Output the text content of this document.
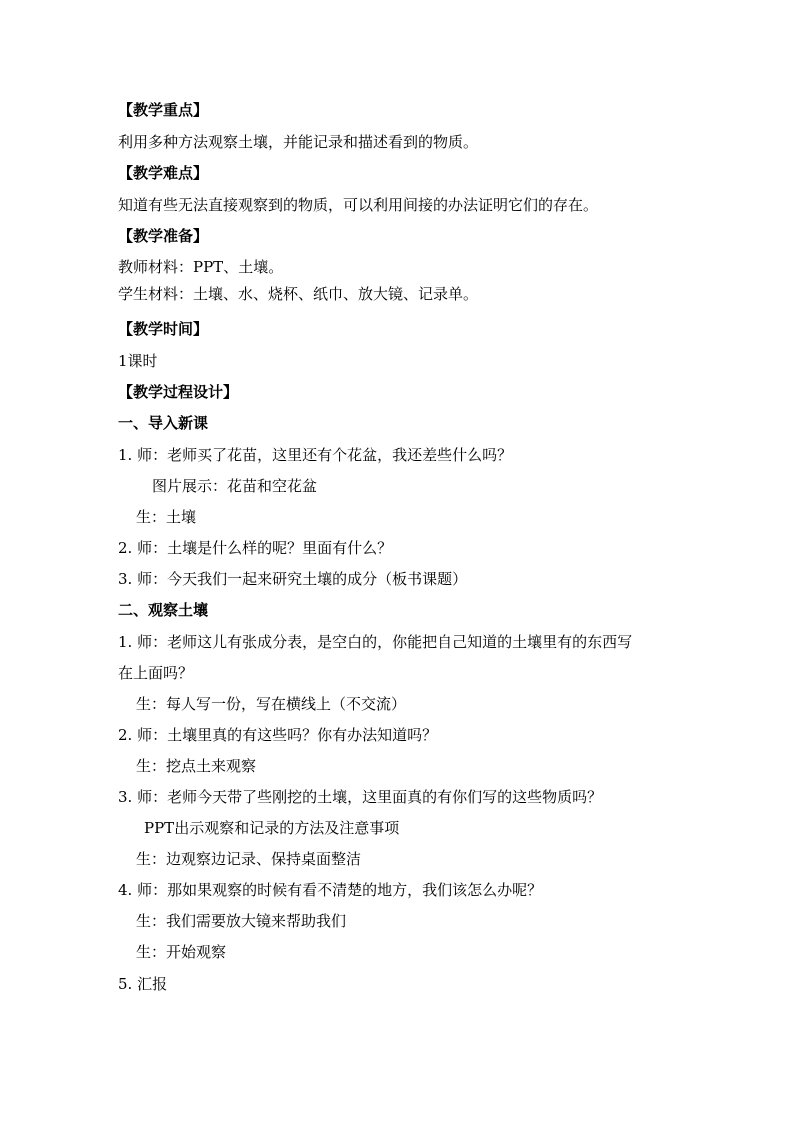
【教学重点】
利用多种方法观察土壤，并能记录和描述看到的物质。
【教学难点】
知道有些无法直接观察到的物质，可以利用间接的办法证明它们的存在。
【教学准备】
教师材料：PPT、土壤。
学生材料：土壤、水、烧杯、纸巾、放大镜、记录单。
【教学时间】
1课时
【教学过程设计】
一、导入新课
1. 师：老师买了花苗，这里还有个花盆，我还差些什么吗？
图片展示：花苗和空花盆
生：土壤
2. 师：土壤是什么样的呢？里面有什么？
3. 师：今天我们一起来研究土壤的成分（板书课题）
二、观察土壤
1. 师：老师这儿有张成分表，是空白的，你能把自己知道的土壤里有的东西写
在上面吗？
生：每人写一份，写在横线上（不交流）
2. 师：土壤里真的有这些吗？你有办法知道吗？
生：挖点土来观察
3. 师：老师今天带了些刚挖的土壤，这里面真的有你们写的这些物质吗？
PPT出示观察和记录的方法及注意事项
生：边观察边记录、保持桌面整洁
4. 师：那如果观察的时候有看不清楚的地方，我们该怎么办呢？
生：我们需要放大镜来帮助我们
生：开始观察
5. 汇报
